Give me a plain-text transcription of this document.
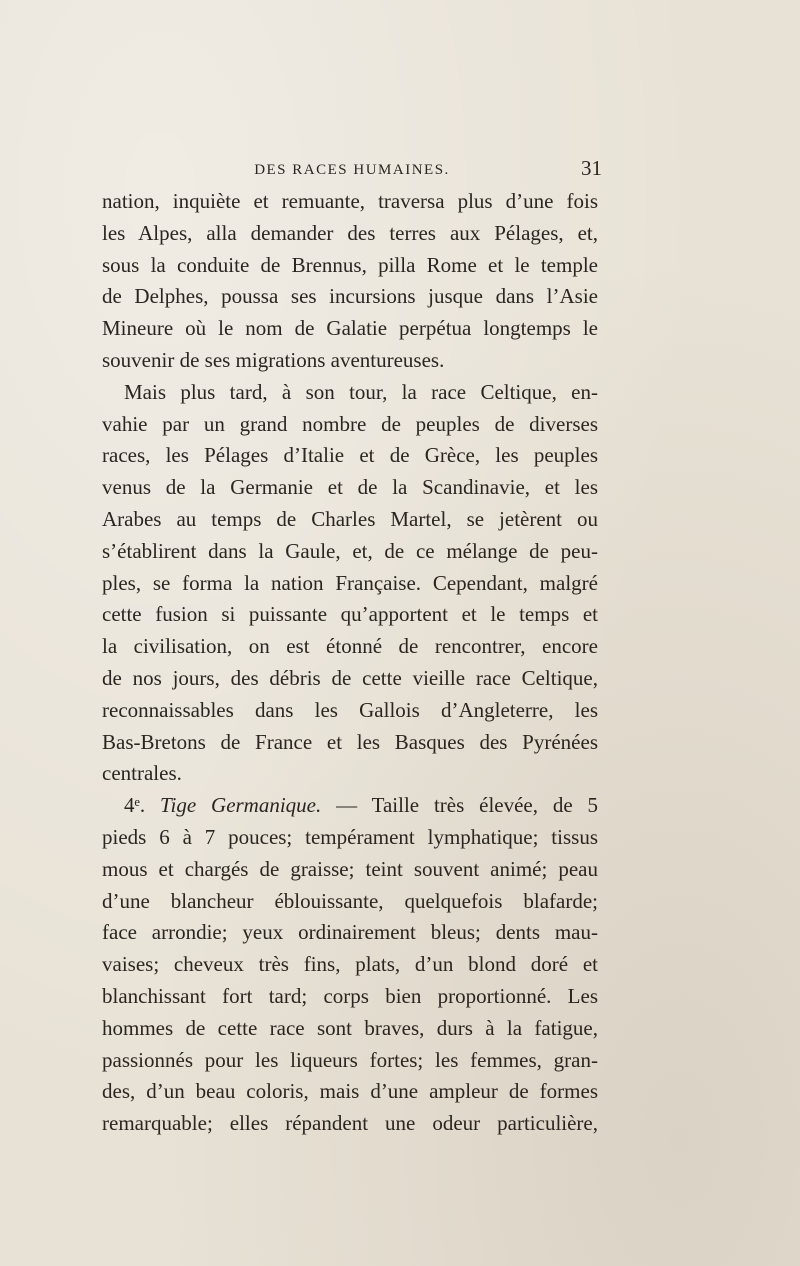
DES RACES HUMAINES.	31
nation, inquiète et remuante, traversa plus d’une fois
les Alpes, alla demander des terres aux Pélages, et,
sous la conduite de Brennus, pilla Rome et le temple
de Delphes, poussa ses incursions jusque dans l’Asie
Mineure où le nom de Galatie perpétua longtemps le
souvenir de ses migrations aventureuses.
Mais plus tard, à son tour, la race Celtique, en-
vahie par un grand nombre de peuples de diverses
races, les Pélages d’Italie et de Grèce, les peuples
venus de la Germanie et de la Scandinavie, et les
Arabes au temps de Charles Martel, se jetèrent ou
s’établirent dans la Gaule, et, de ce mélange de peu-
ples, se forma la nation Française. Cependant, malgré
cette fusion si puissante qu’apportent et le temps et
la civilisation, on est étonné de rencontrer, encore
de nos jours, des débris de cette vieille race Celtique,
reconnaissables dans les Gallois d’Angleterre, les
Bas-Bretons de France et les Basques des Pyrénées
centrales.
4ᵉ. Tige Germanique. — Taille très élevée, de 5
pieds 6 à 7 pouces; tempérament lymphatique; tissus
mous et chargés de graisse; teint souvent animé; peau
d’une blancheur éblouissante, quelquefois blafarde;
face arrondie; yeux ordinairement bleus; dents mau-
vaises; cheveux très fins, plats, d’un blond doré et
blanchissant fort tard; corps bien proportionné. Les
hommes de cette race sont braves, durs à la fatigue,
passionnés pour les liqueurs fortes; les femmes, gran-
des, d’un beau coloris, mais d’une ampleur de formes
remarquable; elles répandent une odeur particulière,
